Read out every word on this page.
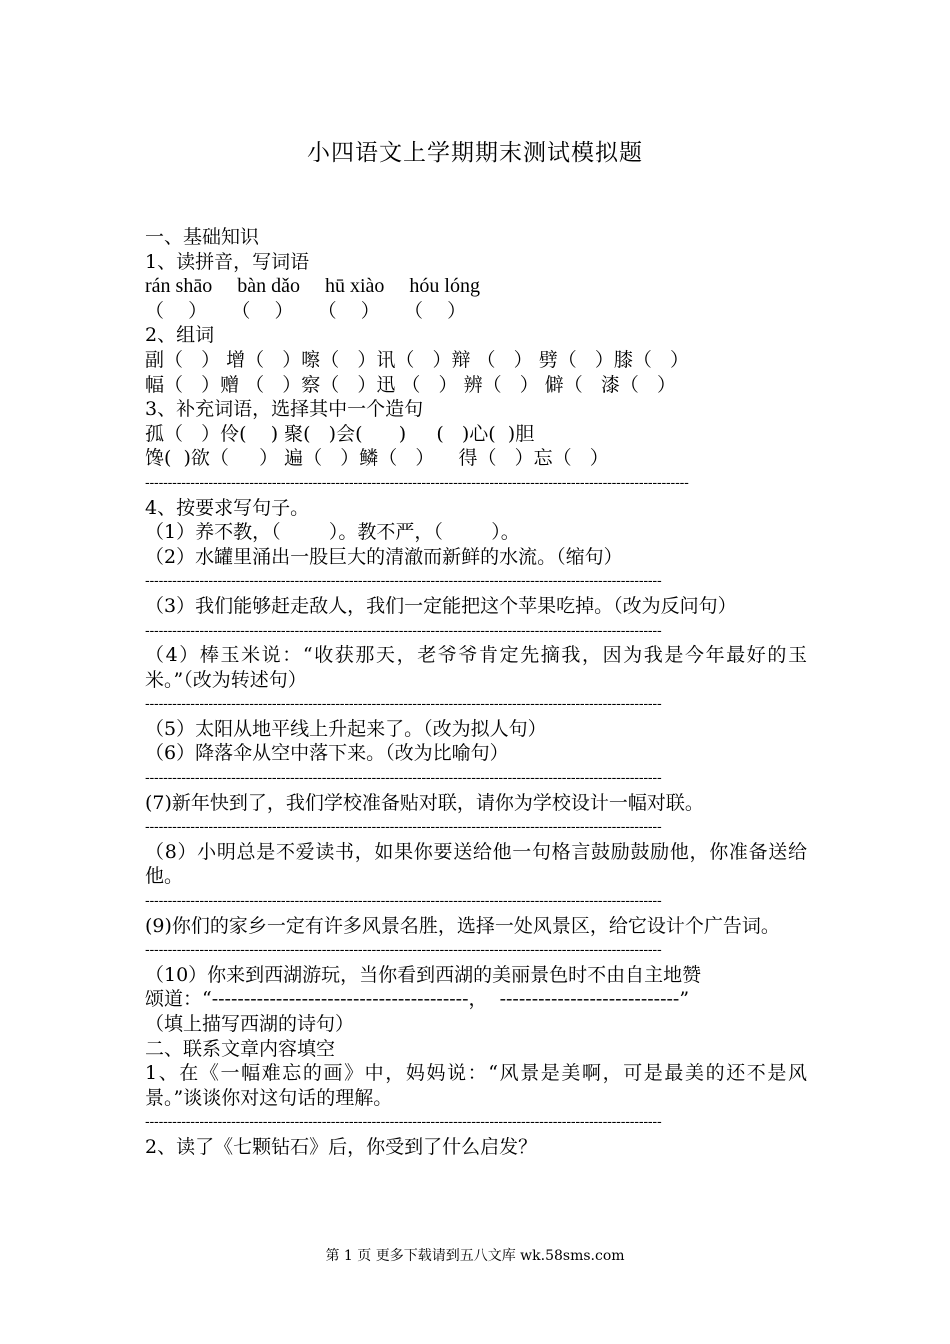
小四语文上学期期末测试模拟题
一、基础知识
1、读拼音，写词语
rán shāo     bàn dǎo     hū xiào     hóu lóng
（    ）    （    ）    （    ）    （    ）
2、组词
副（   ） 增（   ）嚓（   ）讯（   ）辩 （   ） 劈（   ）膝（   ）
幅（   ）赠 （   ）察（   ）迅 （   ） 辨（   ） 僻（   漆（   ）
3、补充词语，选择其中一个造句
孤（   ）伶(    ) 聚(   )会(      )     (   )心(  )胆
馋(  )欲（     ） 遍（   ）鳞（   ）    得（   ）忘（   ）
------------------------------------------------------------------------------------------------------------------------
4、按要求写句子。
（1）养不教，（        ）。教不严，（        ）。
（2）水罐里涌出一股巨大的清澈而新鲜的水流。（缩句）
------------------------------------------------------------------------------------------------------------------
（3）我们能够赶走敌人，我们一定能把这个苹果吃掉。（改为反问句）
------------------------------------------------------------------------------------------------------------------
（4）棒玉米说：“收获那天，老爷爷肯定先摘我，因为我是今年最好的玉米。”（改为转述句）
------------------------------------------------------------------------------------------------------------------
（5）太阳从地平线上升起来了。（改为拟人句）
（6）降落伞从空中落下来。（改为比喻句）
------------------------------------------------------------------------------------------------------------------
(7)新年快到了，我们学校准备贴对联，请你为学校设计一幅对联。
------------------------------------------------------------------------------------------------------------------
（8）小明总是不爱读书，如果你要送给他一句格言鼓励鼓励他，你准备送给他。
------------------------------------------------------------------------------------------------------------------
(9)你们的家乡一定有许多风景名胜，选择一处风景区，给它设计个广告词。
------------------------------------------------------------------------------------------------------------------
（10）你来到西湖游玩，当你看到西湖的美丽景色时不由自主地赞
颂道：“----------------------------------------，  ----------------------------”
（填上描写西湖的诗句）
二、联系文章内容填空
1、在《一幅难忘的画》中，妈妈说：“风景是美啊，可是最美的还不是风景。”谈谈你对这句话的理解。
------------------------------------------------------------------------------------------------------------------
2、读了《七颗钻石》后，你受到了什么启发？
第 1 页 更多下载请到五八文库 wk.58sms.com
